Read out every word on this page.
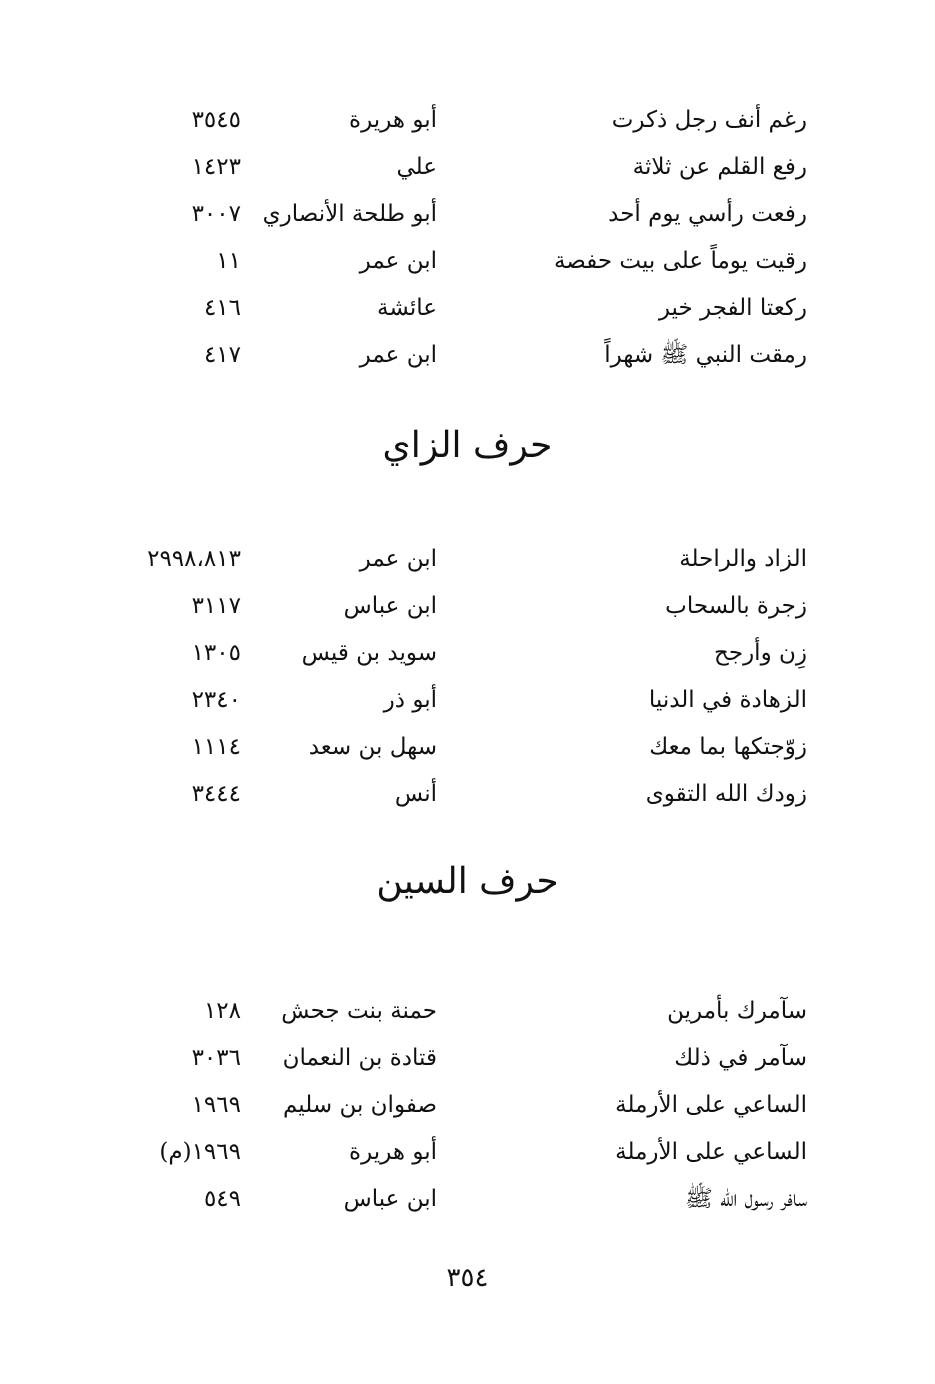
رغم أنف رجل ذكرت
أبو هريرة
٣٥٤٥
رفع القلم عن ثلاثة
علي
١٤٢٣
رفعت رأسي يوم أحد
أبو طلحة الأنصاري
٣٠٠٧
رقيت يوماً على بيت حفصة
ابن عمر
١١
ركعتا الفجر خير
عائشة
٤١٦
رمقت النبي ﷺ شهراً
ابن عمر
٤١٧
حرف الزاي
الزاد والراحلة
ابن عمر
٢٩٩٨،٨١٣
زجرة بالسحاب
ابن عباس
٣١١٧
زِن وأرجح
سويد بن قيس
١٣٠٥
الزهادة في الدنيا
أبو ذر
٢٣٤٠
زوّجتكها بما معك
سهل بن سعد
١١١٤
زودك الله التقوى
أنس
٣٤٤٤
حرف السين
سآمرك بأمرين
حمنة بنت جحش
١٢٨
سآمر في ذلك
قتادة بن النعمان
٣٠٣٦
الساعي على الأرملة
صفوان بن سليم
١٩٦٩
الساعي على الأرملة
أبو هريرة
١٩٦٩(م)
سافر رسول الله ﷺ
ابن عباس
٥٤٩
٣٥٤
